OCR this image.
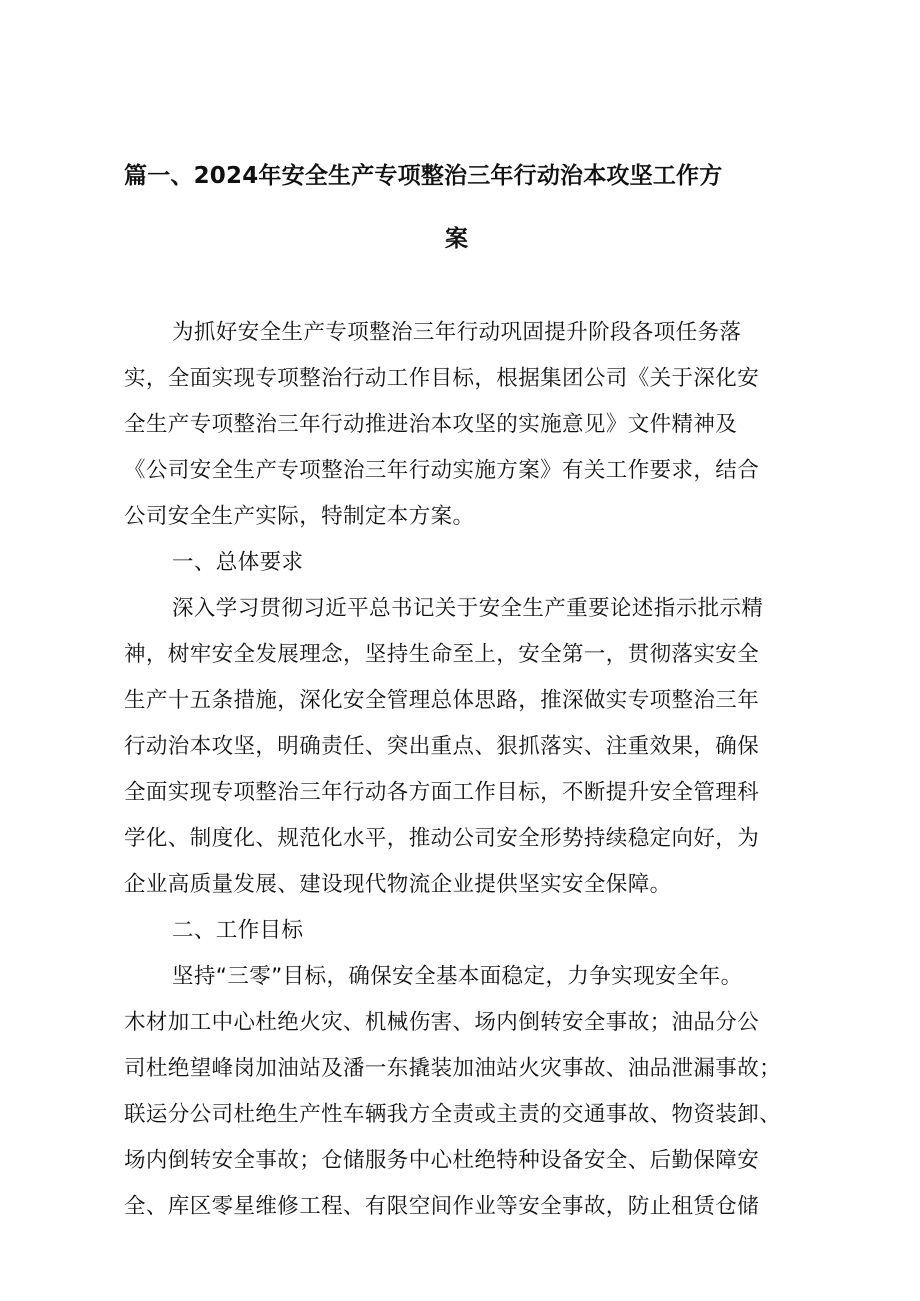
篇一、2024年安全生产专项整治三年行动治本攻坚工作方
案
为抓好安全生产专项整治三年行动巩固提升阶段各项任务落
实，全面实现专项整治行动工作目标，根据集团公司《关于深化安
全生产专项整治三年行动推进治本攻坚的实施意见》文件精神及
《公司安全生产专项整治三年行动实施方案》有关工作要求，结合
公司安全生产实际，特制定本方案。
一、总体要求
深入学习贯彻习近平总书记关于安全生产重要论述指示批示精
神，树牢安全发展理念，坚持生命至上，安全第一，贯彻落实安全
生产十五条措施，深化安全管理总体思路，推深做实专项整治三年
行动治本攻坚，明确责任、突出重点、狠抓落实、注重效果，确保
全面实现专项整治三年行动各方面工作目标，不断提升安全管理科
学化、制度化、规范化水平，推动公司安全形势持续稳定向好，为
企业高质量发展、建设现代物流企业提供坚实安全保障。
二、工作目标
坚持“三零”目标，确保安全基本面稳定，力争实现安全年。
木材加工中心杜绝火灾、机械伤害、场内倒转安全事故；油品分公
司杜绝望峰岗加油站及潘一东撬装加油站火灾事故、油品泄漏事故；
联运分公司杜绝生产性车辆我方全责或主责的交通事故、物资装卸、
场内倒转安全事故；仓储服务中心杜绝特种设备安全、后勤保障安
全、库区零星维修工程、有限空间作业等安全事故，防止租赁仓储
